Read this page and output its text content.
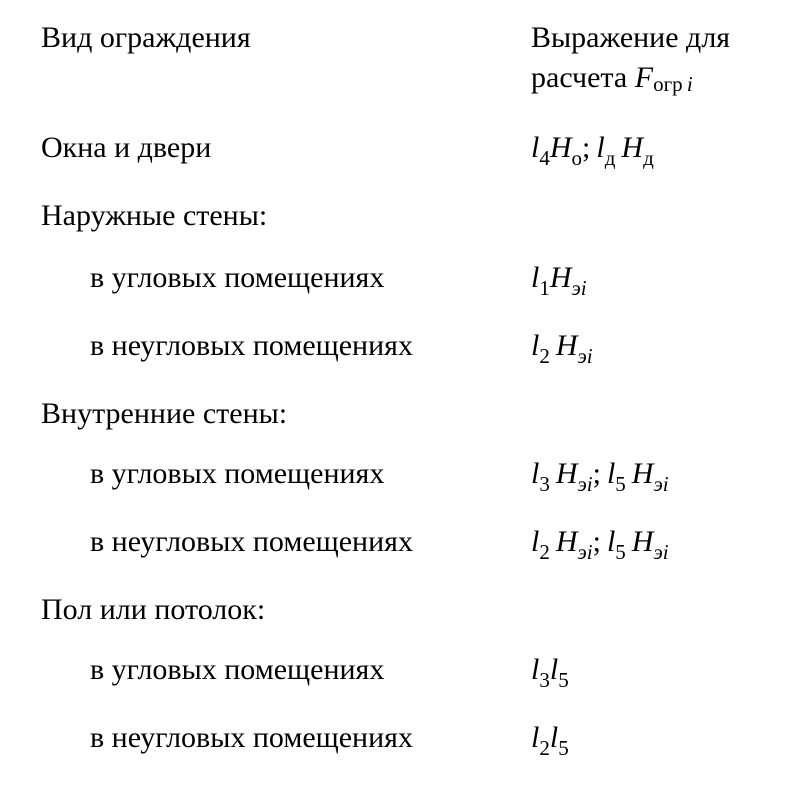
Вид ограждения	Выражение для
расчета $F_{огр i}$
Окна и двери	$l_4H_о$; $l_д$ $H_д$
Наружные стены:
в угловых помещениях	$l_1H_{эi}$
в неугловых помещениях	$l_2$ $H_{эi}$
Внутренние стены:
в угловых помещениях	$l_3$ $H_{эi}$; $l_5$ $H_{эi}$
в неугловых помещениях	$l_2$ $H_{эi}$; $l_5$ $H_{эi}$
Пол или потолок:
в угловых помещениях	$l_3l_5$
в неугловых помещениях	$l_2l_5$
